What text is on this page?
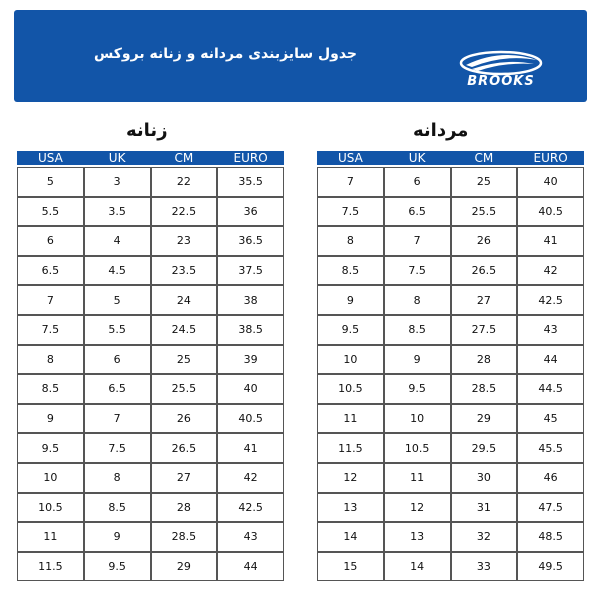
جدول سایزبندی مردانه و زنانه بروکس
BROOKS
زنانه	مردانه
USA	UK	CM	EURO
5	3	22	35.5
5.5	3.5	22.5	36
6	4	23	36.5
6.5	4.5	23.5	37.5
7	5	24	38
7.5	5.5	24.5	38.5
8	6	25	39
8.5	6.5	25.5	40
9	7	26	40.5
9.5	7.5	26.5	41
10	8	27	42
10.5	8.5	28	42.5
11	9	28.5	43
11.5	9.5	29	44
USA	UK	CM	EURO
7	6	25	40
7.5	6.5	25.5	40.5
8	7	26	41
8.5	7.5	26.5	42
9	8	27	42.5
9.5	8.5	27.5	43
10	9	28	44
10.5	9.5	28.5	44.5
11	10	29	45
11.5	10.5	29.5	45.5
12	11	30	46
13	12	31	47.5
14	13	32	48.5
15	14	33	49.5
